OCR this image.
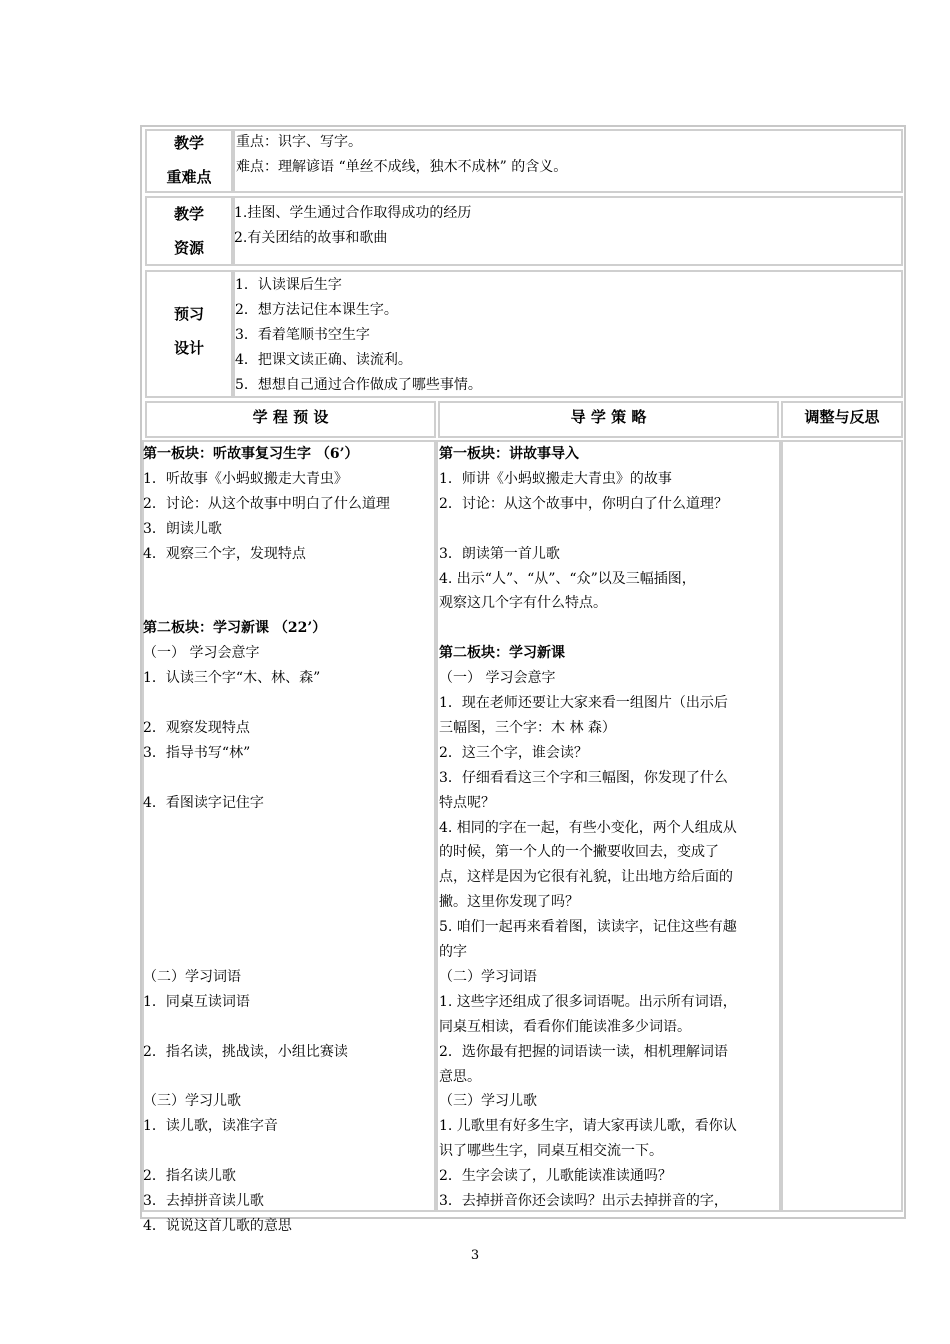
教学
重难点
重点：识字、写字。
难点：理解谚语 “单丝不成线，独木不成林” 的含义。
教学
资源
1.挂图、学生通过合作取得成功的经历
2.有关团结的故事和歌曲
预习
设计
1．认读课后生字
2．想方法记住本课生字。
3．看着笔顺书空生字
4．把课文读正确、读流利。
5．想想自己通过合作做成了哪些事情。
学 程 预 设	导 学 策 略	调整与反思
第一板块：听故事复习生字 （6’）
1．听故事《小蚂蚁搬走大青虫》
2．讨论：从这个故事中明白了什么道理
3．朗读儿歌
4．观察三个字，发现特点
第二板块：学习新课 （22’）
（一） 学习会意字
1．认读三个字“木、林、森”
2．观察发现特点
3．指导书写“林”
4．看图读字记住字
（二）学习词语
1．同桌互读词语
2．指名读，挑战读，小组比赛读
（三）学习儿歌
1．读儿歌，读准字音
2．指名读儿歌
3．去掉拼音读儿歌
4．说说这首儿歌的意思
第一板块：讲故事导入
1．师讲《小蚂蚁搬走大青虫》的故事
2．讨论：从这个故事中，你明白了什么道理？
3．朗读第一首儿歌
4. 出示“人”、“从”、“众”以及三幅插图，
观察这几个字有什么特点。
第二板块：学习新课
（一） 学习会意字
1．现在老师还要让大家来看一组图片（出示后
三幅图，三个字：木 林 森）
2．这三个字，谁会读？
3．仔细看看这三个字和三幅图，你发现了什么
特点呢？
4. 相同的字在一起，有些小变化，两个人组成从
的时候，第一个人的一个撇要收回去，变成了
点，这样是因为它很有礼貌，让出地方给后面的
撇。这里你发现了吗？
5. 咱们一起再来看着图，读读字，记住这些有趣
的字
（二）学习词语
1. 这些字还组成了很多词语呢。出示所有词语，
同桌互相读，看看你们能读准多少词语。
2．选你最有把握的词语读一读，相机理解词语
意思。
（三）学习儿歌
1. 儿歌里有好多生字，请大家再读儿歌，看你认
识了哪些生字，同桌互相交流一下。
2．生字会读了，儿歌能读准读通吗？
3．去掉拼音你还会读吗？出示去掉拼音的字，
3
